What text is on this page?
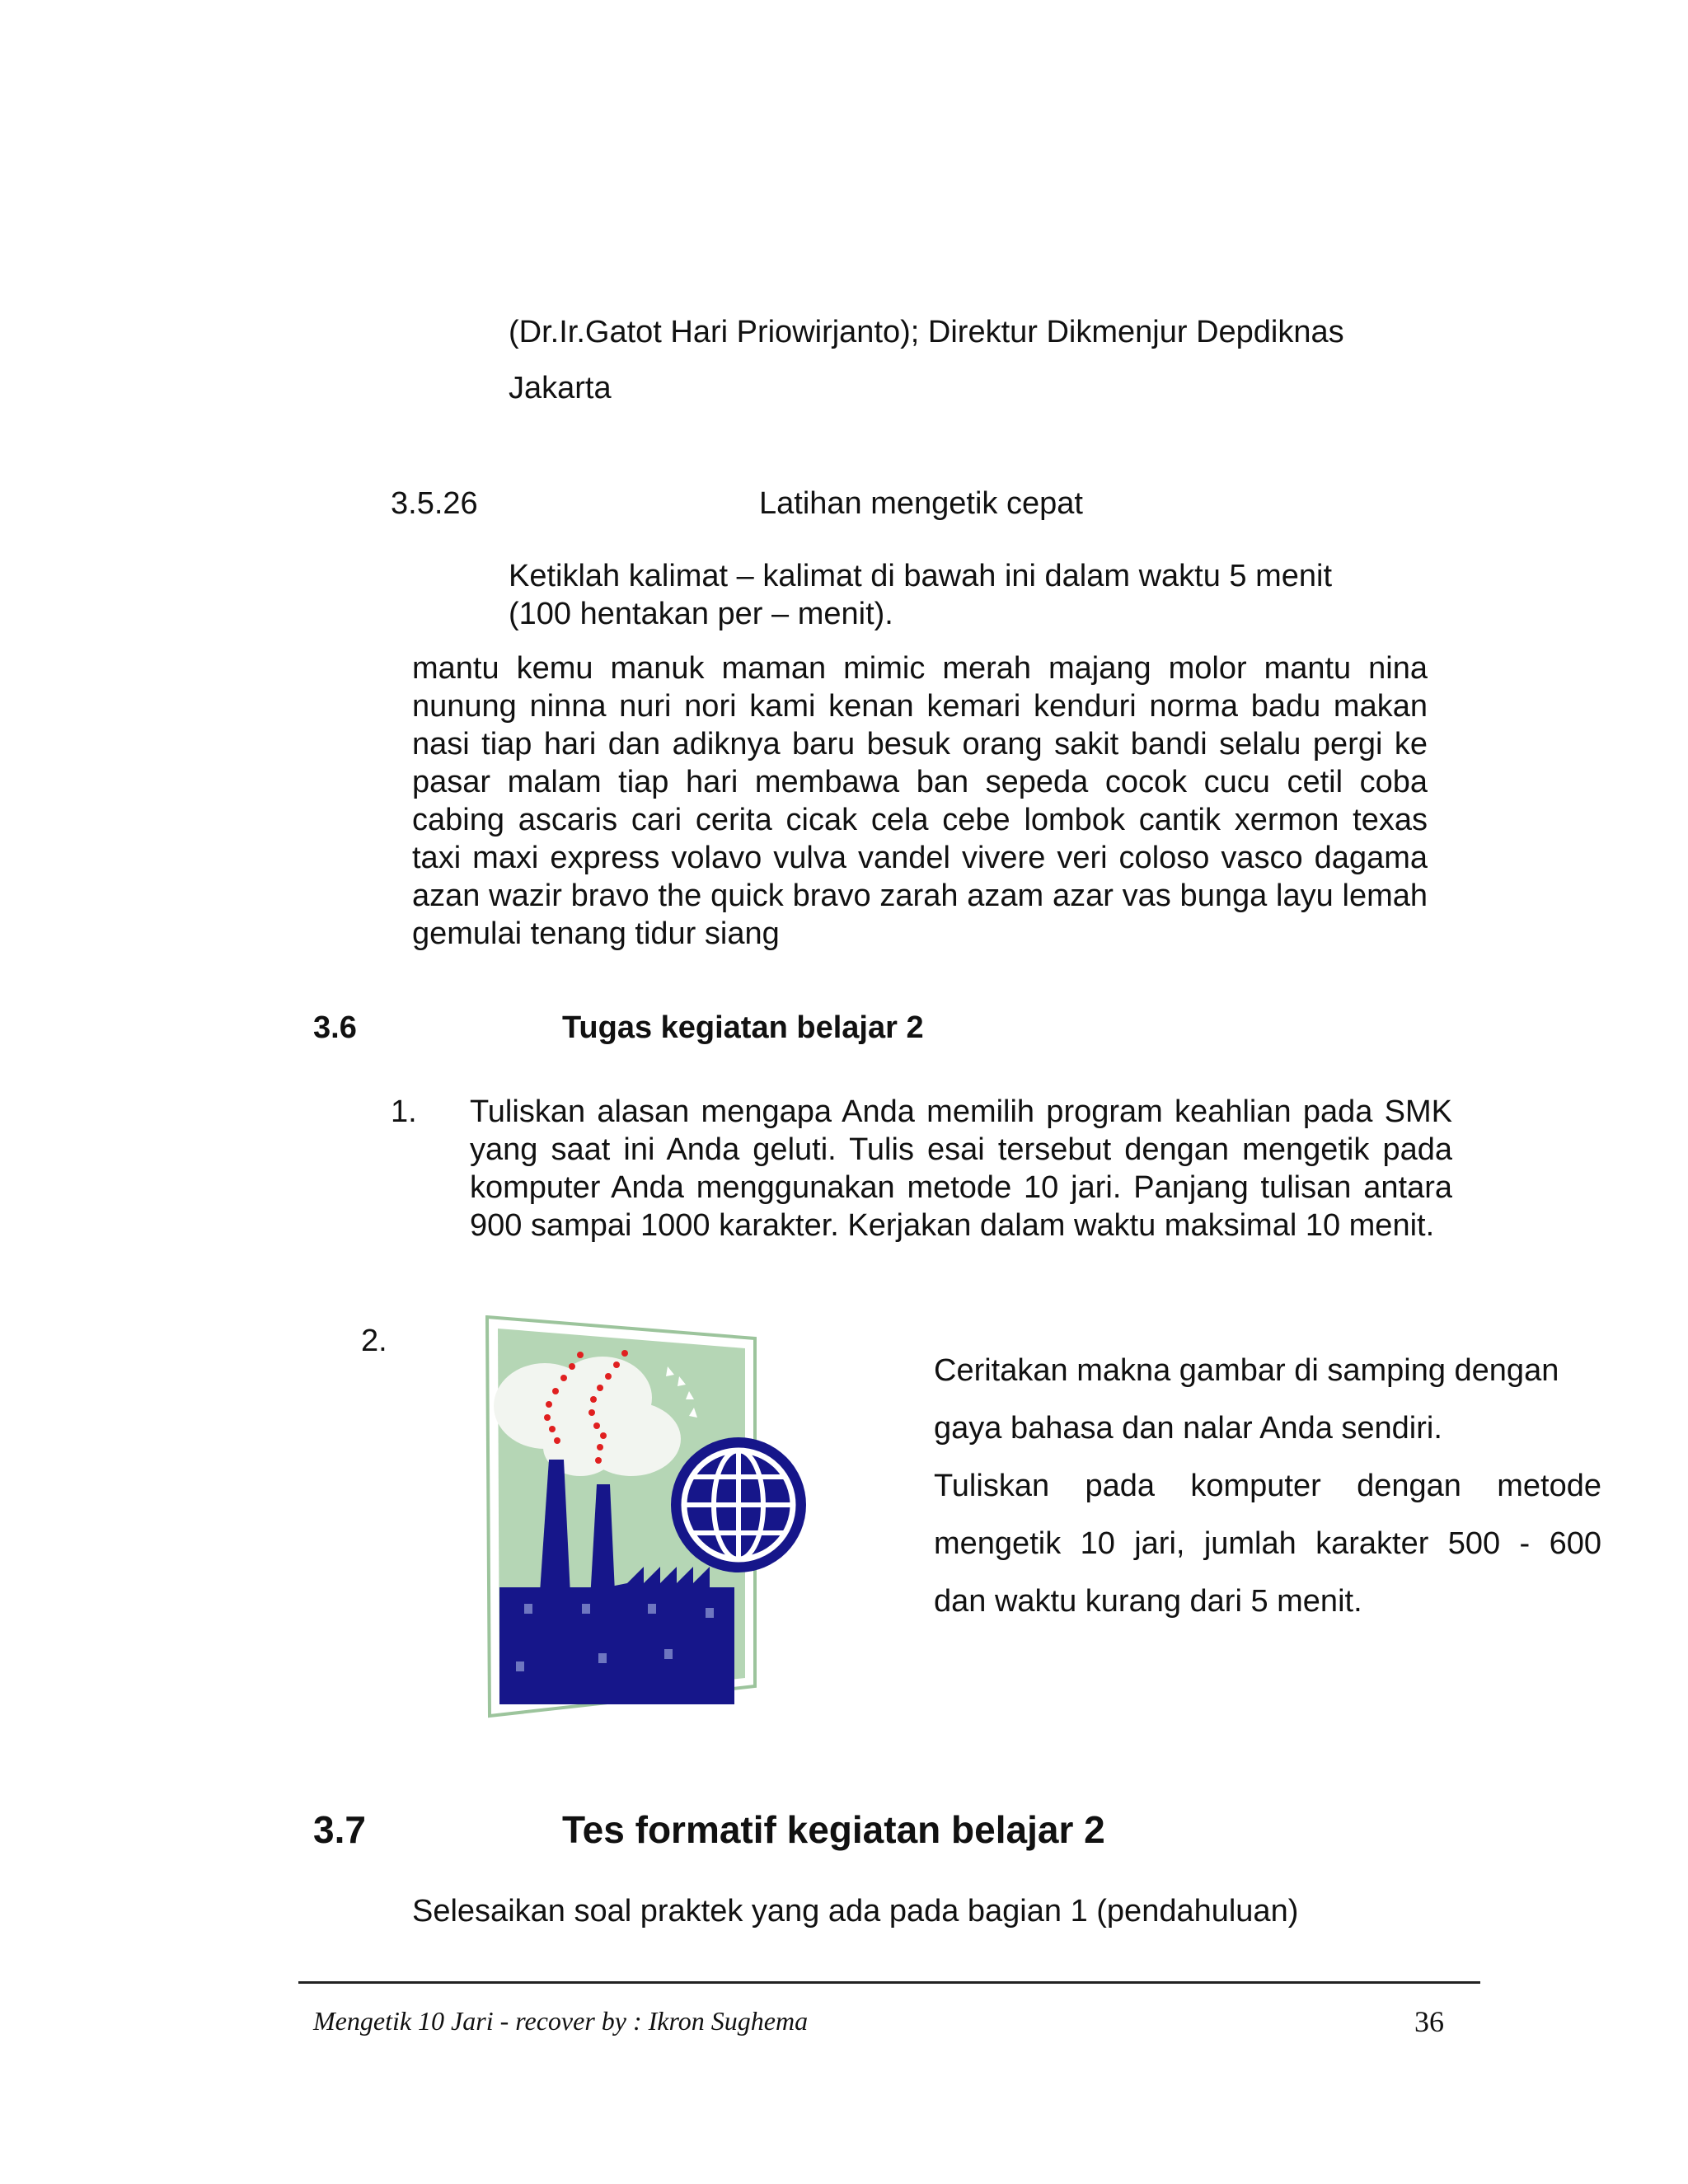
(Dr.Ir.Gatot Hari Priowirjanto); Direktur Dikmenjur Depdiknas
Jakarta
3.5.26	Latihan mengetik cepat
Ketiklah kalimat – kalimat di bawah ini dalam waktu 5 menit
(100 hentakan per – menit).
mantu kemu manuk maman mimic merah majang molor mantu nina nunung ninna nuri nori kami kenan kemari kenduri norma badu makan nasi tiap hari dan adiknya baru besuk orang sakit bandi selalu pergi ke pasar malam tiap hari membawa ban sepeda cocok cucu cetil coba cabing ascaris cari cerita cicak cela cebe lombok cantik xermon texas taxi maxi express volavo vulva vandel vivere veri coloso vasco dagama azan wazir bravo the quick bravo zarah azam azar vas bunga layu lemah gemulai tenang tidur siang
3.6	Tugas kegiatan belajar 2
1. Tuliskan alasan mengapa Anda memilih program keahlian pada SMK yang saat ini Anda geluti. Tulis esai tersebut dengan mengetik pada komputer Anda menggunakan metode 10 jari. Panjang tulisan antara 900 sampai 1000 karakter. Kerjakan dalam waktu maksimal 10 menit.
2.
Ceritakan makna gambar di samping dengan
gaya bahasa dan nalar Anda sendiri.
Tuliskan pada komputer dengan metode
mengetik 10 jari, jumlah karakter 500 - 600
dan waktu kurang dari 5 menit.
3.7	Tes formatif kegiatan belajar 2
Selesaikan soal praktek yang ada pada bagian 1 (pendahuluan)
Mengetik 10 Jari - recover by : Ikron Sughema	36
